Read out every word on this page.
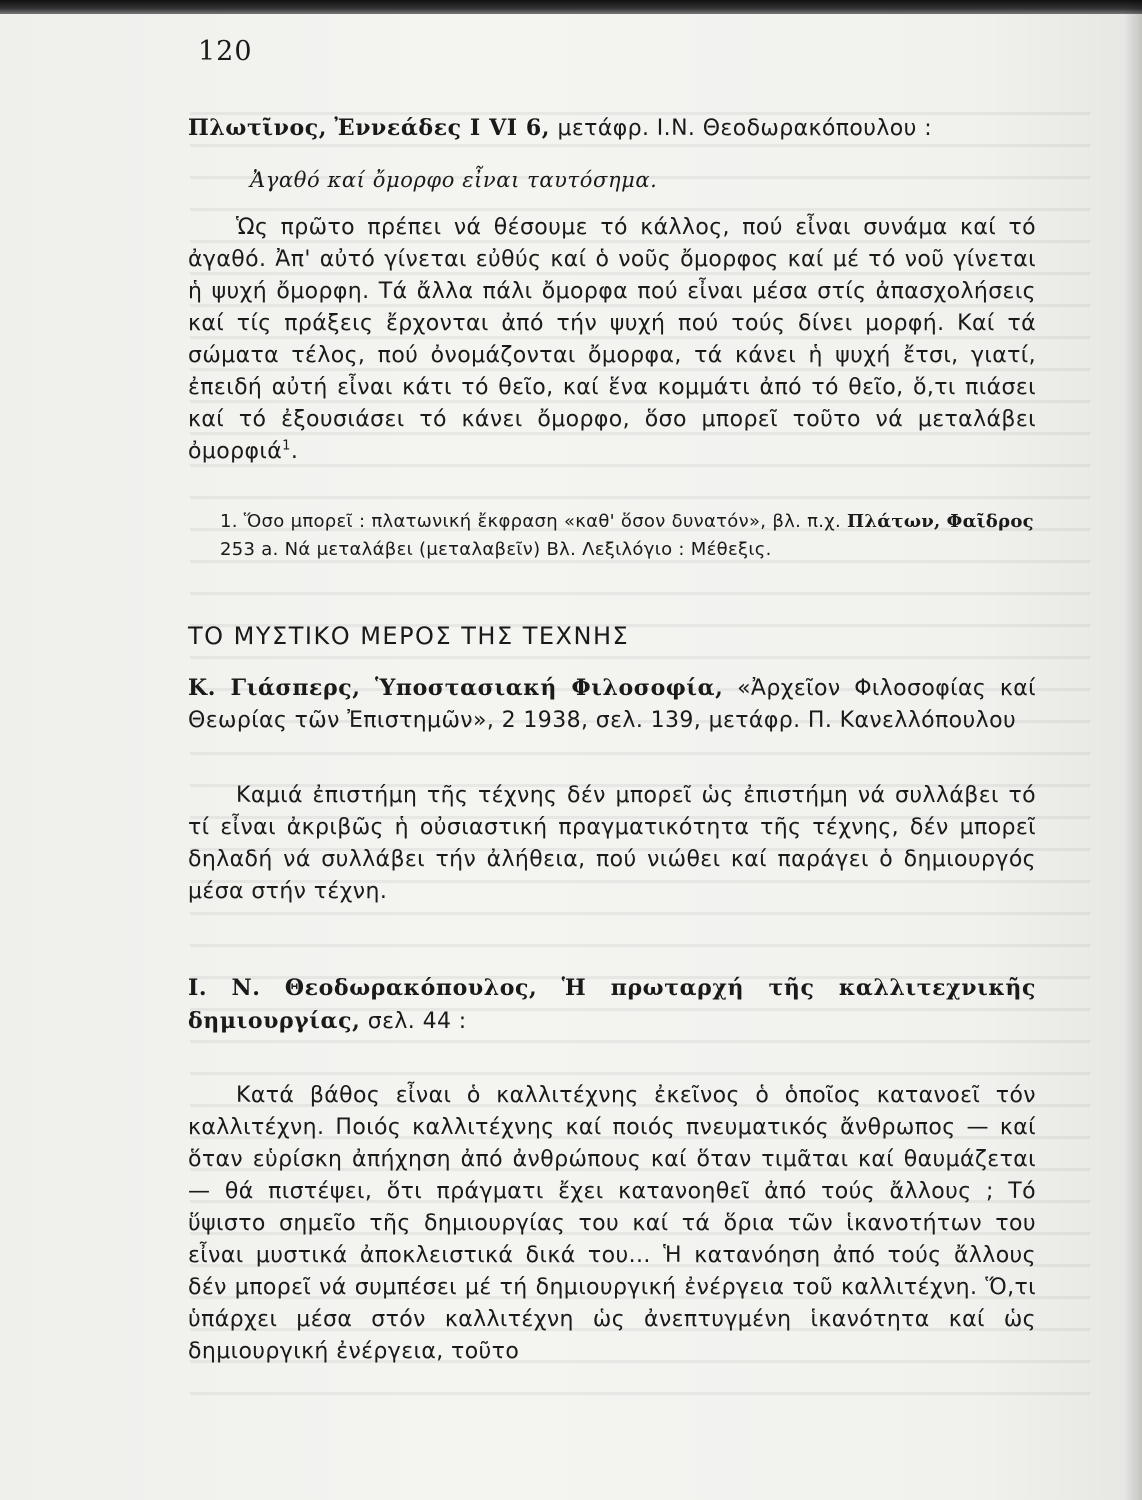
120
Πλωτῖνος, Ἐννεάδες Ι VI 6, μετάφρ. Ι.Ν. Θεοδωρακόπουλου :
Ἀγαθό καί ὄμορφο εἶναι ταυτόσημα.
Ὡς πρῶτο πρέπει νά θέσουμε τό κάλλος, πού εἶναι συνάμα καί τό ἀγαθό. Ἀπ' αὐτό γίνεται εὐθύς καί ὁ νοῦς ὄμορφος καί μέ τό νοῦ γίνεται ἡ ψυχή ὄμορφη. Τά ἄλλα πάλι ὄμορφα πού εἶναι μέσα στίς ἀπασχολήσεις καί τίς πράξεις ἔρχονται ἀπό τήν ψυχή πού τούς δίνει μορφή. Καί τά σώματα τέλος, πού ὀνομάζονται ὄμορφα, τά κάνει ἡ ψυχή ἔτσι, γιατί, ἐπειδή αὐτή εἶναι κάτι τό θεῖο, καί ἕνα κομμάτι ἀπό τό θεῖο, ὅ,τι πιάσει καί τό ἐξουσιάσει τό κάνει ὄμορφο, ὅσο μπορεῖ τοῦτο νά μεταλάβει ὀμορφιά$^1$.
1. Ὅσο μπορεῖ : πλατωνική ἔκφραση «καθ' ὅσον δυνατόν», βλ. π.χ. Πλάτων, Φαῖδρος 253 a. Νά μεταλάβει (μεταλαβεῖν) Βλ. Λεξιλόγιο : Μέθεξις.
ΤΟ ΜΥΣΤΙΚΟ ΜΕΡΟΣ ΤΗΣ ΤΕΧΝΗΣ
Κ. Γιάσπερς, Ὑποστασιακή Φιλοσοφία, «Ἀρχεῖον Φιλοσοφίας καί Θεωρίας τῶν Ἐπιστημῶν», 2 1938, σελ. 139, μετάφρ. Π. Κανελλόπουλου
Καμιά ἐπιστήμη τῆς τέχνης δέν μπορεῖ ὡς ἐπιστήμη νά συλλάβει τό τί εἶναι ἀκριβῶς ἡ οὐσιαστική πραγματικότητα τῆς τέχνης, δέν μπορεῖ δηλαδή νά συλλάβει τήν ἀλήθεια, πού νιώθει καί παράγει ὁ δημιουργός μέσα στήν τέχνη.
Ι. Ν. Θεοδωρακόπουλος, Ἡ πρωταρχή τῆς καλλιτεχνικῆς δημιουργίας, σελ. 44 :
Κατά βάθος εἶναι ὁ καλλιτέχνης ἐκεῖνος ὁ ὁποῖος κατανοεῖ τόν καλλιτέχνη. Ποιός καλλιτέχνης καί ποιός πνευματικός ἄνθρωπος — καί ὅταν εὑρίσκη ἀπήχηση ἀπό ἀνθρώπους καί ὅταν τιμᾶται καί θαυμάζεται — θά πιστέψει, ὅτι πράγματι ἔχει κατανοηθεῖ ἀπό τούς ἄλλους ; Τό ὕψιστο σημεῖο τῆς δημιουργίας του καί τά ὅρια τῶν ἱκανοτήτων του εἶναι μυστικά ἀποκλειστικά δικά του... Ἡ κατανόηση ἀπό τούς ἄλλους δέν μπορεῖ νά συμπέσει μέ τή δημιουργική ἐνέργεια τοῦ καλλιτέχνη. Ὅ,τι ὑπάρχει μέσα στόν καλλιτέχνη ὡς ἀνεπτυγμένη ἱκανότητα καί ὡς δημιουργική ἐνέργεια, τοῦτο
